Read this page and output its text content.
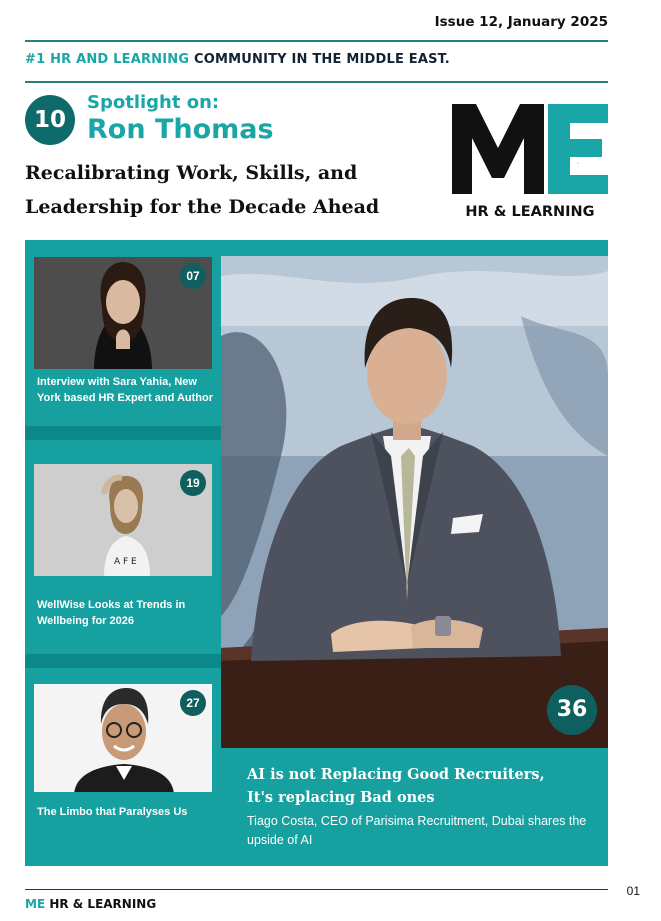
Issue 12, January 2025
#1 HR AND LEARNING COMMUNITY IN THE MIDDLE EAST.
10
Spotlight on:
Ron Thomas
Recalibrating Work, Skills, and
Leadership for the Decade Ahead
M	E
HR & LEARNING
07
Interview with Sara Yahia, New York based HR Expert and Author
A F E
19
WellWise Looks at Trends in Wellbeing for 2026
27
The Limbo that Paralyses Us
36
AI is not Replacing Good Recruiters,
It's replacing Bad ones
Tiago Costa, CEO of Parisima Recruitment, Dubai shares the upside of AI
ME HR & LEARNING
01
